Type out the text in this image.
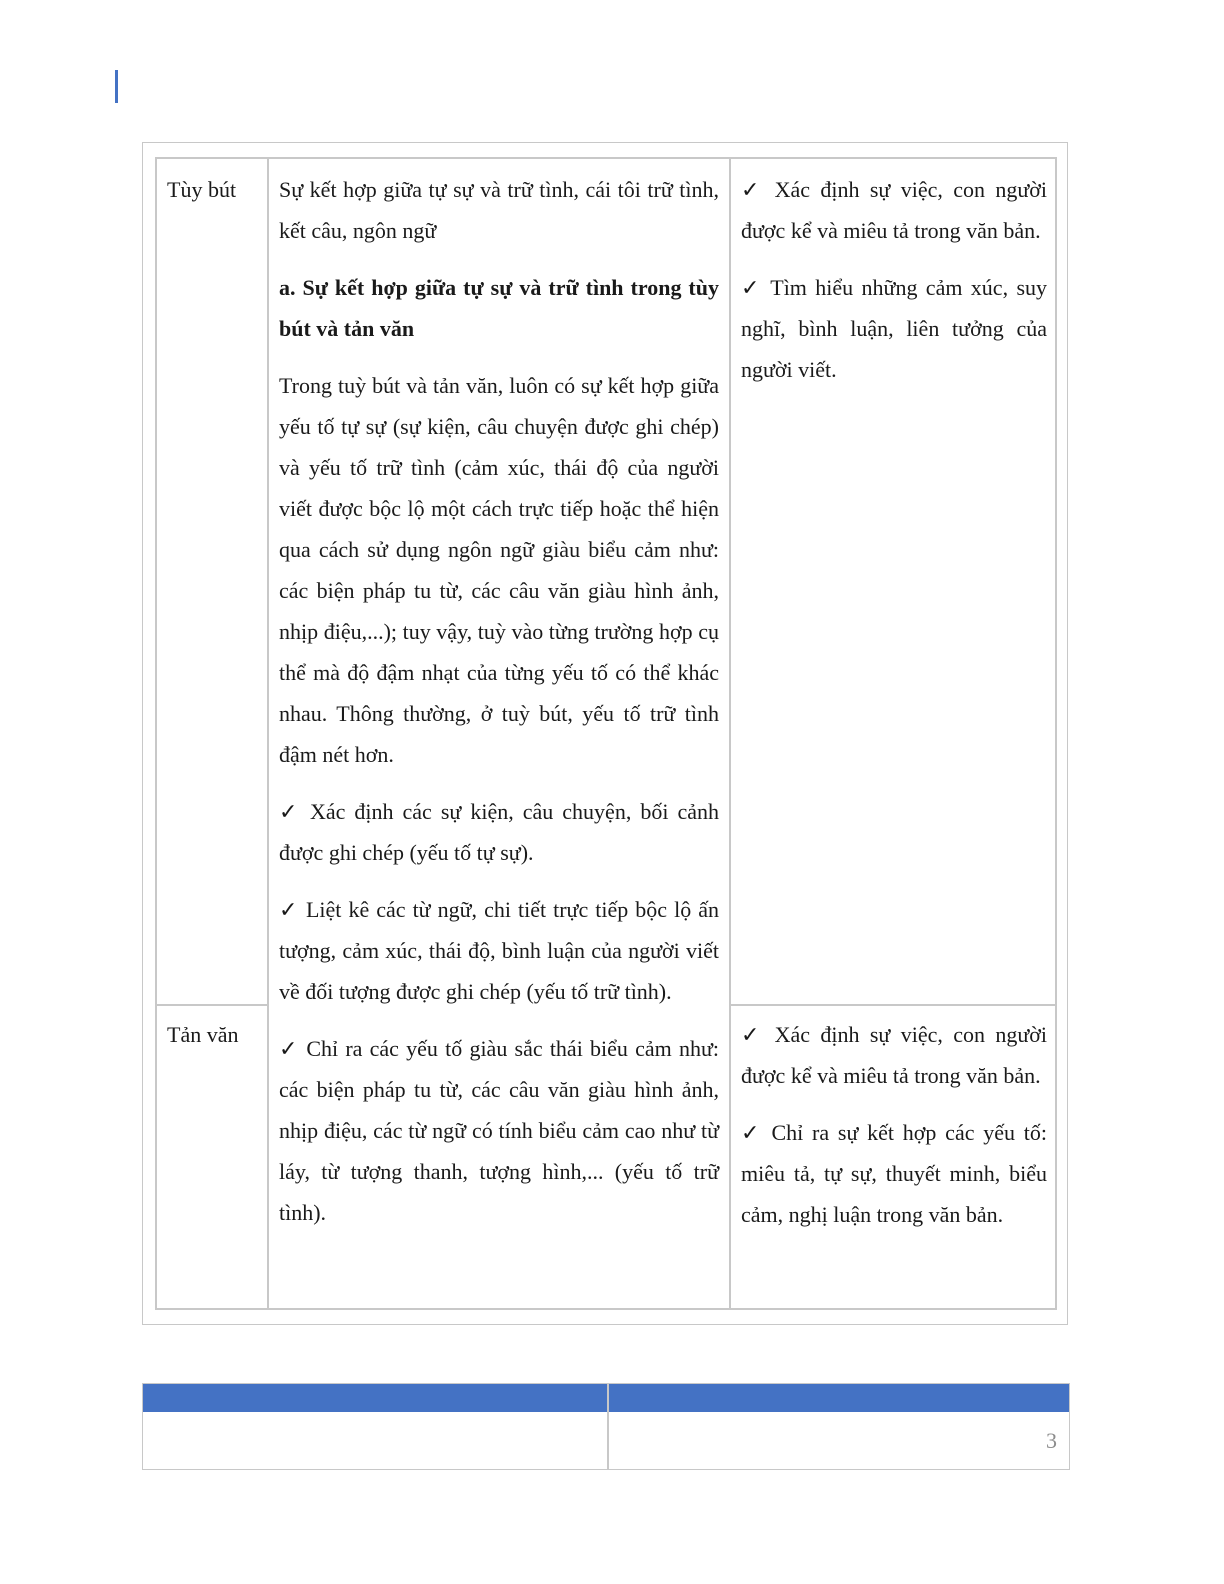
Tùy bút
Tản văn

Sự kết hợp giữa tự sự và trữ tình, cái tôi trữ tình, kết câu, ngôn ngữ

a. Sự kết hợp giữa tự sự và trữ tình trong tùy bút và tản văn

Trong tuỳ bút và tản văn, luôn có sự kết hợp giữa yếu tố tự sự (sự kiện, câu chuyện được ghi chép) và yếu tố trữ tình (cảm xúc, thái độ của người viết được bộc lộ một cách trực tiếp hoặc thể hiện qua cách sử dụng ngôn ngữ giàu biểu cảm như: các biện pháp tu từ, các câu văn giàu hình ảnh, nhịp điệu,...); tuy vậy, tuỳ vào từng trường hợp cụ thể mà độ đậm nhạt của từng yếu tố có thể khác nhau. Thông thường, ở tuỳ bút, yếu tố trữ tình đậm nét hơn.

✓ Xác định các sự kiện, câu chuyện, bối cảnh được ghi chép (yếu tố tự sự).

✓ Liệt kê các từ ngữ, chi tiết trực tiếp bộc lộ ấn tượng, cảm xúc, thái độ, bình luận của người viết về đối tượng được ghi chép (yếu tố trữ tình).

✓ Chỉ ra các yếu tố giàu sắc thái biểu cảm như: các biện pháp tu từ, các câu văn giàu hình ảnh, nhịp điệu, các từ ngữ có tính biểu cảm cao như từ láy, từ tượng thanh, tượng hình,... (yếu tố trữ tình).

✓ Xác định sự việc, con người được kể và miêu tả trong văn bản.

✓ Tìm hiểu những cảm xúc, suy nghĩ, bình luận, liên tưởng của người viết.

✓ Xác định sự việc, con người được kể và miêu tả trong văn bản.

✓ Chỉ ra sự kết hợp các yếu tố: miêu tả, tự sự, thuyết minh, biểu cảm, nghị luận trong văn bản.

3
